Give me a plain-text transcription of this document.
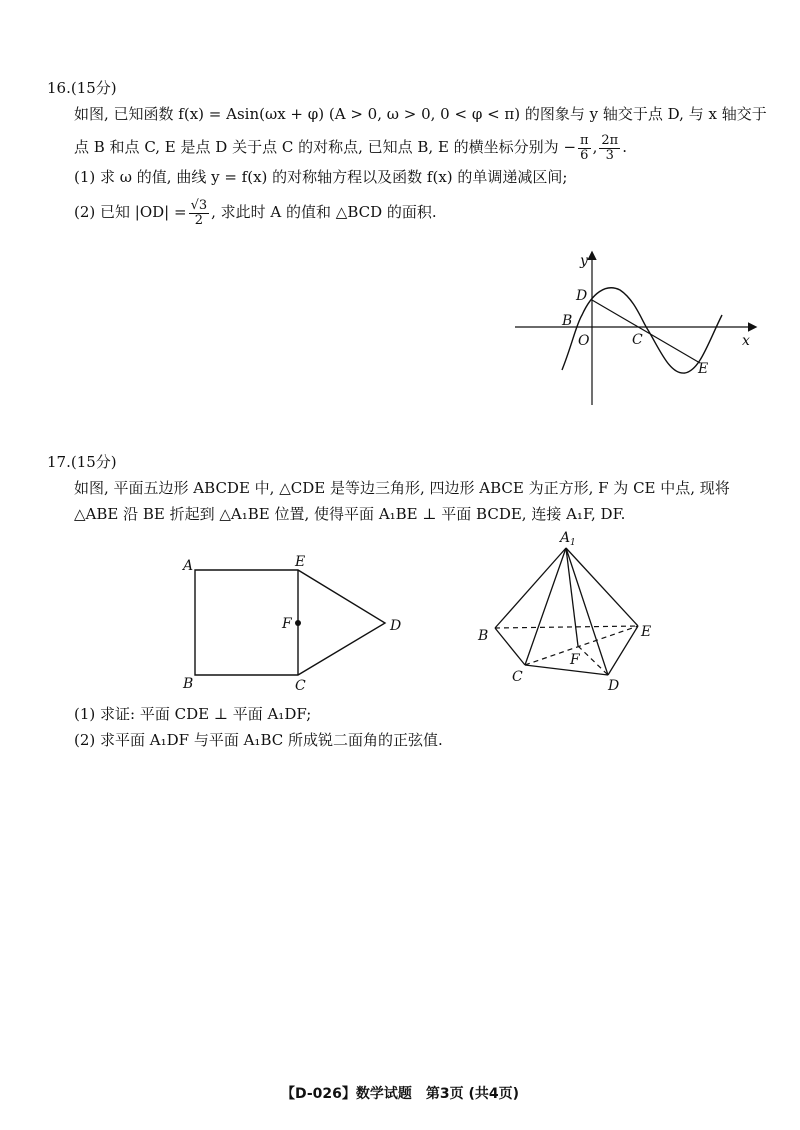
16.(15分)
如图, 已知函数 f(x) = Asin(ωx + φ) (A > 0, ω > 0, 0 < φ < π) 的图象与 y 轴交于点 D, 与 x 轴交于
点 B 和点 C, E 是点 D 关于点 C 的对称点, 已知点 B, E 的横坐标分别为 − $\frac{\pi}{6}$ , $\frac{2\pi}{3}$ .
(1) 求 ω 的值, 曲线 y = f(x) 的对称轴方程以及函数 f(x) 的单调递减区间;
(2) 已知 $|OD| = \frac{√3}{2}$ , 求此时 A 的值和 △BCD 的面积.
y
x
D
B
O	C
E
17.(15分)
如图, 平面五边形 ABCDE 中, △CDE 是等边三角形, 四边形 ABCE 为正方形, F 为 CE 中点, 现将
△ABE 沿 BE 折起到 △A₁BE 位置, 使得平面 A₁BE ⊥ 平面 BCDE, 连接 A₁F, DF.
A	E
F	D
B	C
A 1
B	E
F
C
D
(1) 求证: 平面 CDE ⊥ 平面 A₁DF;
(2) 求平面 A₁DF 与平面 A₁BC 所成锐二面角的正弦值.
【D-026】数学试题　第3页 (共4页)
